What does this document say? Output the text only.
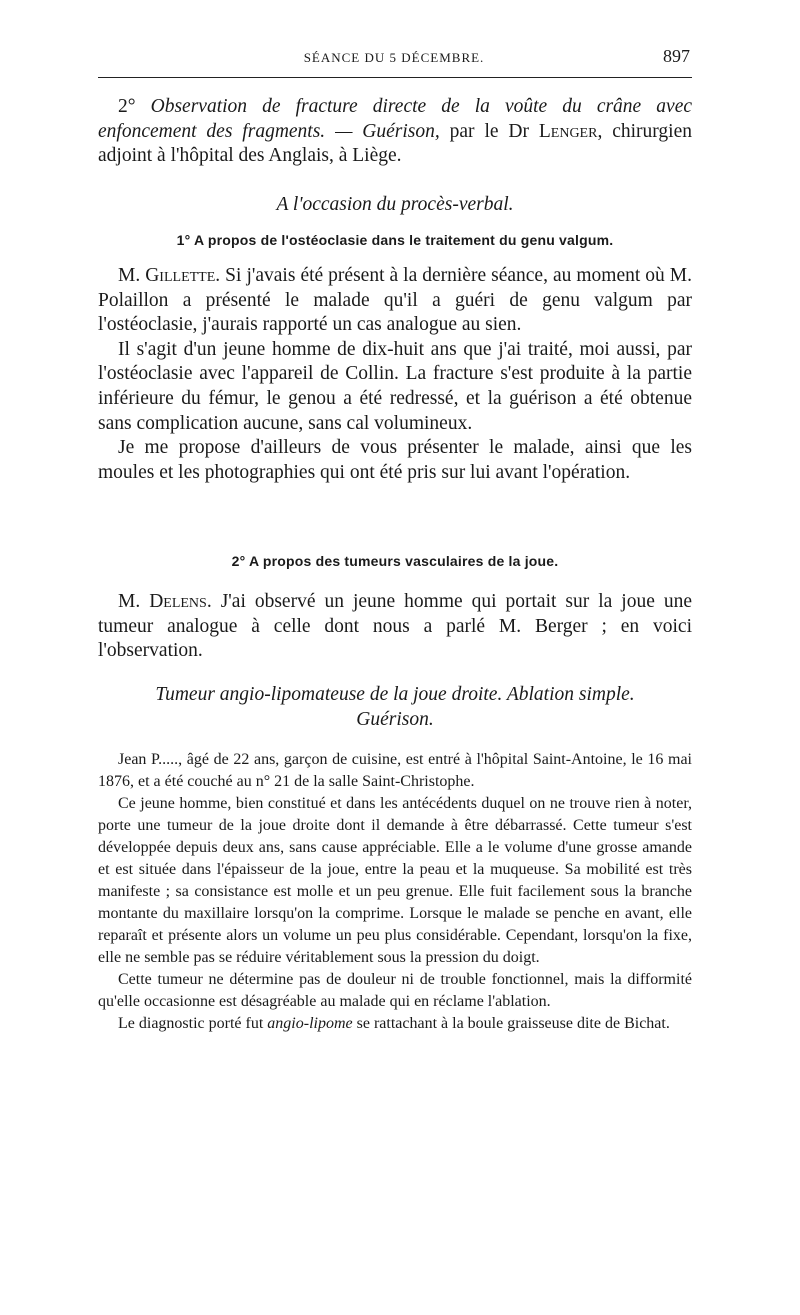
SÉANCE DU 5 DÉCEMBRE.	897
2° Observation de fracture directe de la voûte du crâne avec enfoncement des fragments. — Guérison, par le Dr Lenger, chirurgien adjoint à l'hôpital des Anglais, à Liège.
A l'occasion du procès-verbal.
1° A propos de l'ostéoclasie dans le traitement du genu valgum.

M. Gillette. Si j'avais été présent à la dernière séance, au moment où M. Polaillon a présenté le malade qu'il a guéri de genu valgum par l'ostéoclasie, j'aurais rapporté un cas analogue au sien.

Il s'agit d'un jeune homme de dix-huit ans que j'ai traité, moi aussi, par l'ostéoclasie avec l'appareil de Collin. La fracture s'est produite à la partie inférieure du fémur, le genou a été redressé, et la guérison a été obtenue sans complication aucune, sans cal volumineux.

Je me propose d'ailleurs de vous présenter le malade, ainsi que les moules et les photographies qui ont été pris sur lui avant l'opération.

2° A propos des tumeurs vasculaires de la joue.

M. Delens. J'ai observé un jeune homme qui portait sur la joue une tumeur analogue à celle dont nous a parlé M. Berger ; en voici l'observation.

Tumeur angio-lipomateuse de la joue droite. Ablation simple.
Guérison.

Jean P....., âgé de 22 ans, garçon de cuisine, est entré à l'hôpital Saint-Antoine, le 16 mai 1876, et a été couché au n° 21 de la salle Saint-Christophe.

Ce jeune homme, bien constitué et dans les antécédents duquel on ne trouve rien à noter, porte une tumeur de la joue droite dont il demande à être débarrassé. Cette tumeur s'est développée depuis deux ans, sans cause appréciable. Elle a le volume d'une grosse amande et est située dans l'épaisseur de la joue, entre la peau et la muqueuse. Sa mobilité est très manifeste ; sa consistance est molle et un peu grenue. Elle fuit facilement sous la branche montante du maxillaire lorsqu'on la comprime. Lorsque le malade se penche en avant, elle reparaît et présente alors un volume un peu plus considérable. Cependant, lorsqu'on la fixe, elle ne semble pas se réduire véritablement sous la pression du doigt.

Cette tumeur ne détermine pas de douleur ni de trouble fonctionnel, mais la difformité qu'elle occasionne est désagréable au malade qui en réclame l'ablation.

Le diagnostic porté fut angio-lipome se rattachant à la boule graisseuse dite de Bichat.
